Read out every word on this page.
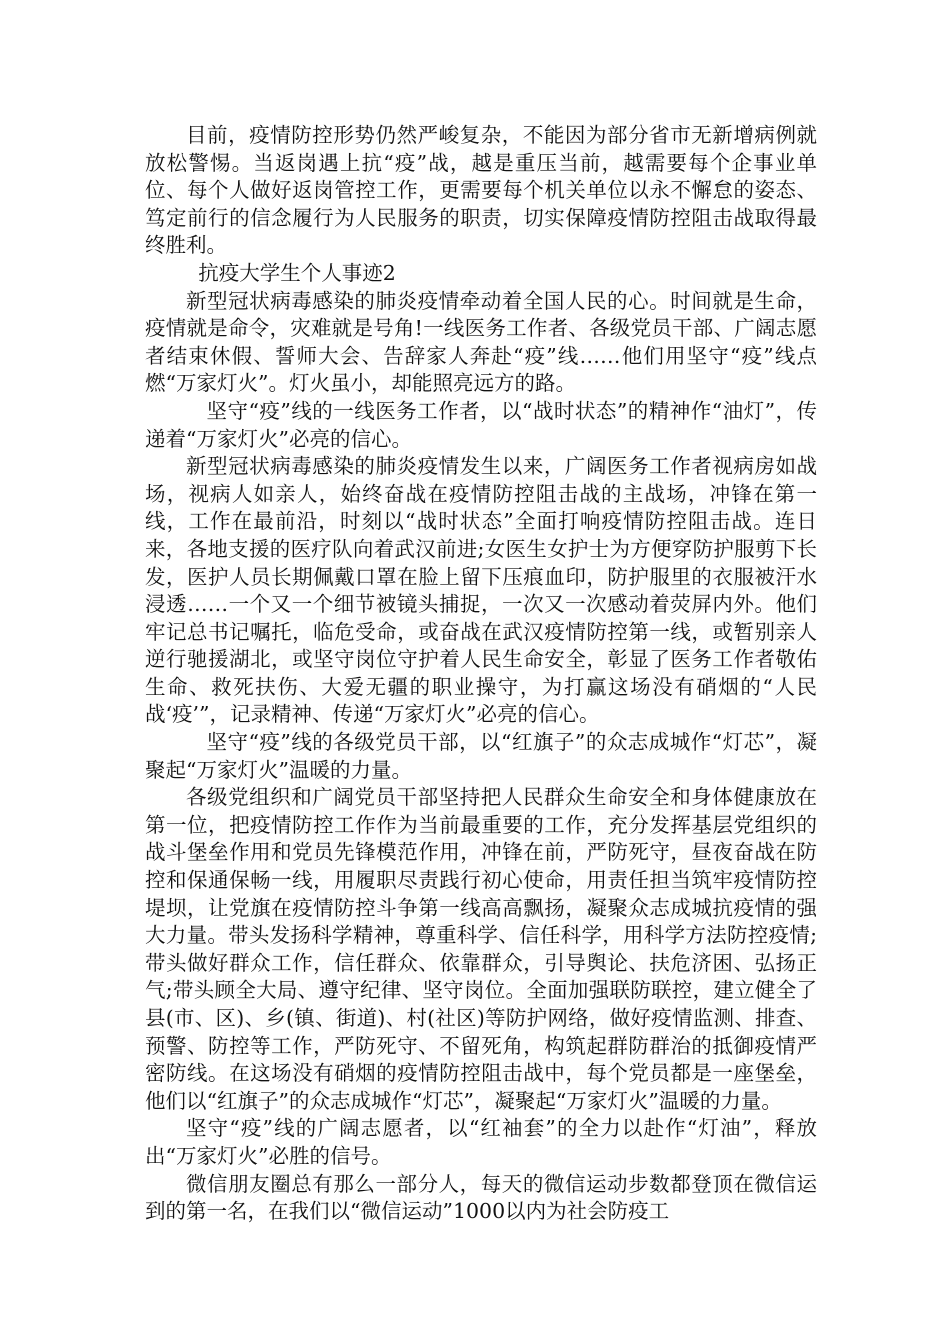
目前，疫情防控形势仍然严峻复杂，不能因为部分省市无新增病例就放松警惕。当返岗遇上抗“疫”战，越是重压当前，越需要每个企事业单位、每个人做好返岗管控工作，更需要每个机关单位以永不懈怠的姿态、笃定前行的信念履行为人民服务的职责，切实保障疫情防控阻击战取得最终胜利。

抗疫大学生个人事迹2

新型冠状病毒感染的肺炎疫情牵动着全国人民的心。时间就是生命，疫情就是命令，灾难就是号角!一线医务工作者、各级党员干部、广阔志愿者结束休假、誓师大会、告辞家人奔赴“疫”线……他们用坚守“疫”线点燃“万家灯火”。灯火虽小，却能照亮远方的路。

坚守“疫”线的一线医务工作者，以“战时状态”的精神作“油灯”，传递着“万家灯火”必亮的信心。

新型冠状病毒感染的肺炎疫情发生以来，广阔医务工作者视病房如战场，视病人如亲人，始终奋战在疫情防控阻击战的主战场，冲锋在第一线，工作在最前沿，时刻以“战时状态”全面打响疫情防控阻击战。连日来，各地支援的医疗队向着武汉前进;女医生女护士为方便穿防护服剪下长发，医护人员长期佩戴口罩在脸上留下压痕血印，防护服里的衣服被汗水浸透……一个又一个细节被镜头捕捉，一次又一次感动着荧屏内外。他们牢记总书记嘱托，临危受命，或奋战在武汉疫情防控第一线，或暂别亲人逆行驰援湖北，或坚守岗位守护着人民生命安全，彰显了医务工作者敬佑生命、救死扶伤、大爱无疆的职业操守，为打赢这场没有硝烟的“人民战‘疫’”，记录精神、传递“万家灯火”必亮的信心。

坚守“疫”线的各级党员干部，以“红旗子”的众志成城作“灯芯”，凝聚起“万家灯火”温暖的力量。

各级党组织和广阔党员干部坚持把人民群众生命安全和身体健康放在第一位，把疫情防控工作作为当前最重要的工作，充分发挥基层党组织的战斗堡垒作用和党员先锋模范作用，冲锋在前，严防死守，昼夜奋战在防控和保通保畅一线，用履职尽责践行初心使命，用责任担当筑牢疫情防控堤坝，让党旗在疫情防控斗争第一线高高飘扬，凝聚众志成城抗疫情的强大力量。带头发扬科学精神，尊重科学、信任科学，用科学方法防控疫情;带头做好群众工作，信任群众、依靠群众，引导舆论、扶危济困、弘扬正气;带头顾全大局、遵守纪律、坚守岗位。全面加强联防联控，建立健全了县(市、区)、乡(镇、街道)、村(社区)等防护网络，做好疫情监测、排查、预警、防控等工作，严防死守、不留死角，构筑起群防群治的抵御疫情严密防线。在这场没有硝烟的疫情防控阻击战中，每个党员都是一座堡垒，他们以“红旗子”的众志成城作“灯芯”，凝聚起“万家灯火”温暖的力量。

坚守“疫”线的广阔志愿者，以“红袖套”的全力以赴作“灯油”，释放出“万家灯火”必胜的信号。

微信朋友圈总有那么一部分人，每天的微信运动步数都登顶在微信运到的第一名，在我们以“微信运动”1000以内为社会防疫工
